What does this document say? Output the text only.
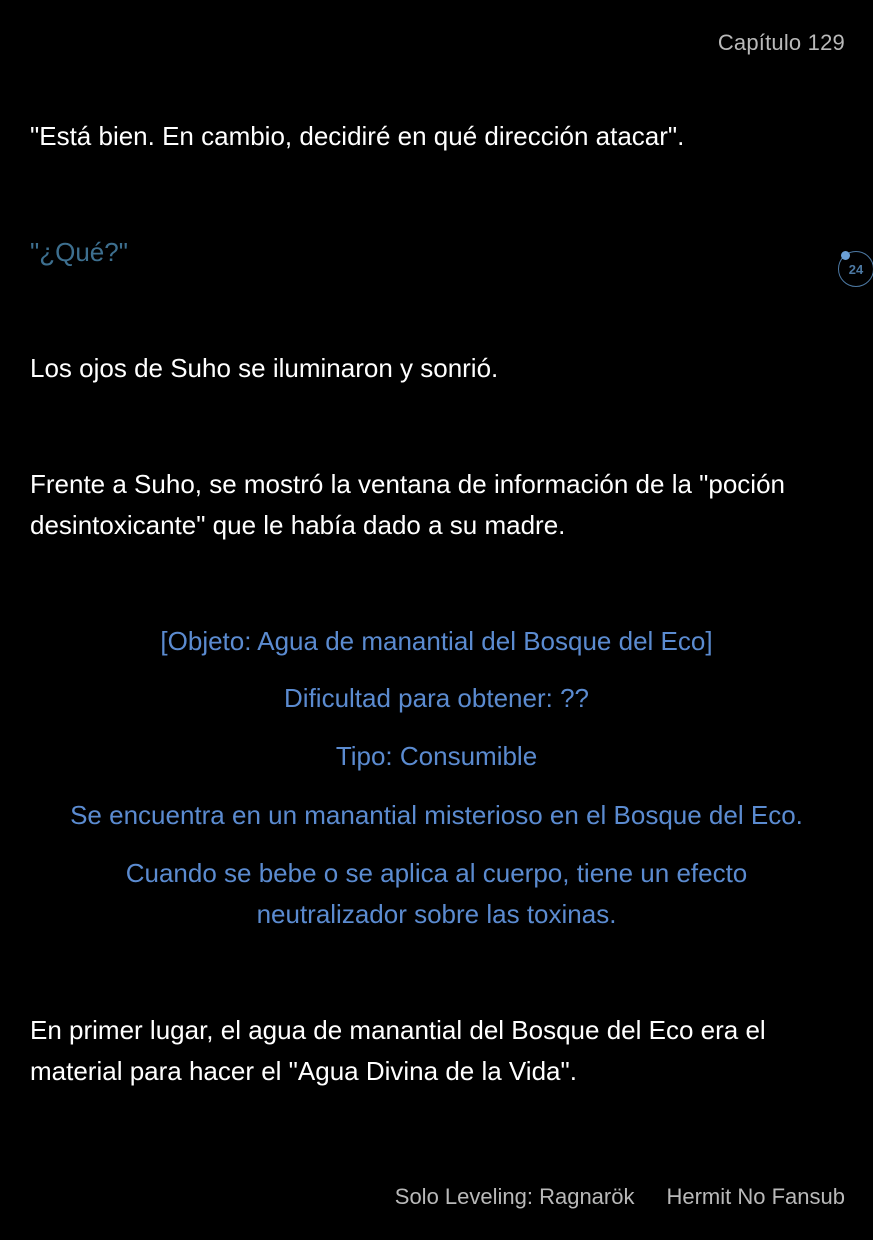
Capítulo 129

"Está bien. En cambio, decidiré en qué dirección atacar".

"¿Qué?"

Los ojos de Suho se iluminaron y sonrió.

Frente a Suho, se mostró la ventana de información de la "poción desintoxicante" que le había dado a su madre.

[Objeto: Agua de manantial del Bosque del Eco]

Dificultad para obtener: ??

Tipo: Consumible

Se encuentra en un manantial misterioso en el Bosque del Eco.

Cuando se bebe o se aplica al cuerpo, tiene un efecto neutralizador sobre las toxinas.

En primer lugar, el agua de manantial del Bosque del Eco era el material para hacer el "Agua Divina de la Vida".

24
Solo Leveling: Ragnarök Hermit No Fansub
